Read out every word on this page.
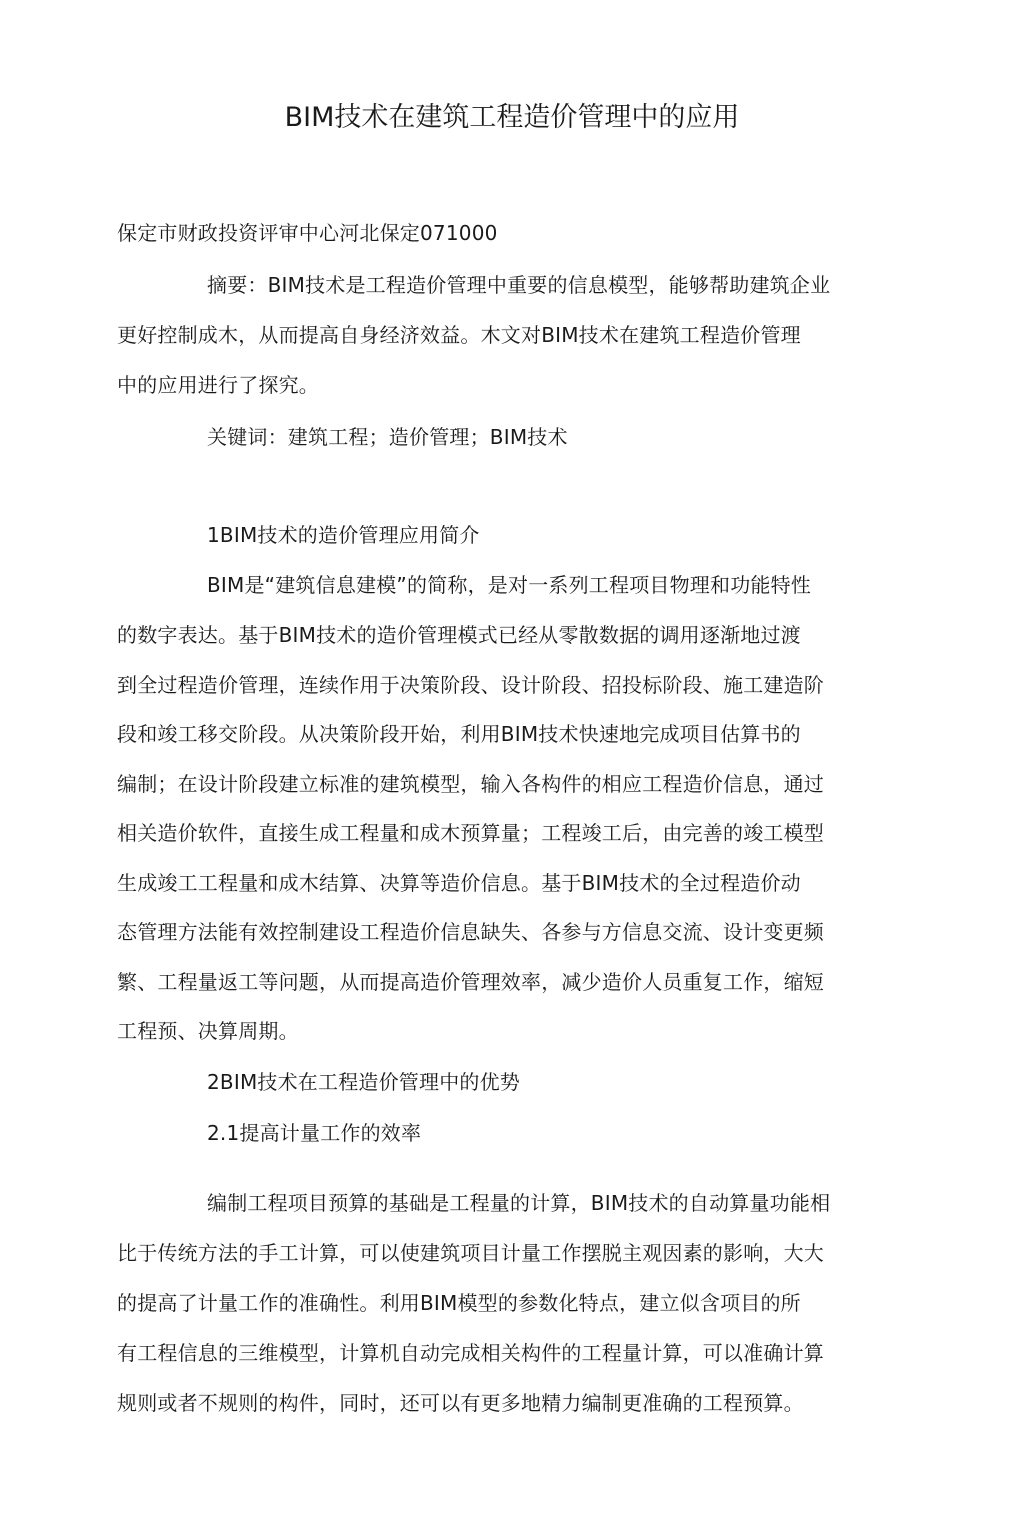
BIM技术在建筑工程造价管理中的应用
保定市财政投资评审中心河北保定071000
摘要：BIM技术是工程造价管理中重要的信息模型，能够帮助建筑企业
更好控制成木，从而提高自身经济效益。木文对BIM技术在建筑工程造价管理
中的应用进行了探究。
关键词：建筑工程；造价管理；BIM技术
1BIM技术的造价管理应用简介
BIM是“建筑信息建模”的简称，是对一系列工程项目物理和功能特性
的数字表达。基于BIM技术的造价管理模式已经从零散数据的调用逐渐地过渡
到全过程造价管理，连续作用于决策阶段、设计阶段、招投标阶段、施工建造阶
段和竣工移交阶段。从决策阶段开始，利用BIM技术快速地完成项目估算书的
编制；在设计阶段建立标准的建筑模型，输入各构件的相应工程造价信息，通过
相关造价软件，直接生成工程量和成木预算量；工程竣工后，由完善的竣工模型
生成竣工工程量和成木结算、决算等造价信息。基于BIM技术的全过程造价动
态管理方法能有效控制建设工程造价信息缺失、各参与方信息交流、设计变更频
繁、工程量返工等问题，从而提高造价管理效率，减少造价人员重复工作，缩短
工程预、决算周期。
2BIM技术在工程造价管理中的优势
2.1提高计量工作的效率
编制工程项目预算的基础是工程量的计算，BIM技术的自动算量功能相
比于传统方法的手工计算，可以使建筑项目计量工作摆脱主观因素的影响，大大
的提高了计量工作的准确性。利用BIM模型的参数化特点，建立似含项目的所
有工程信息的三维模型，计算机自动完成相关构件的工程量计算，可以准确计算
规则或者不规则的构件，同时，还可以有更多地精力编制更准确的工程预算。
